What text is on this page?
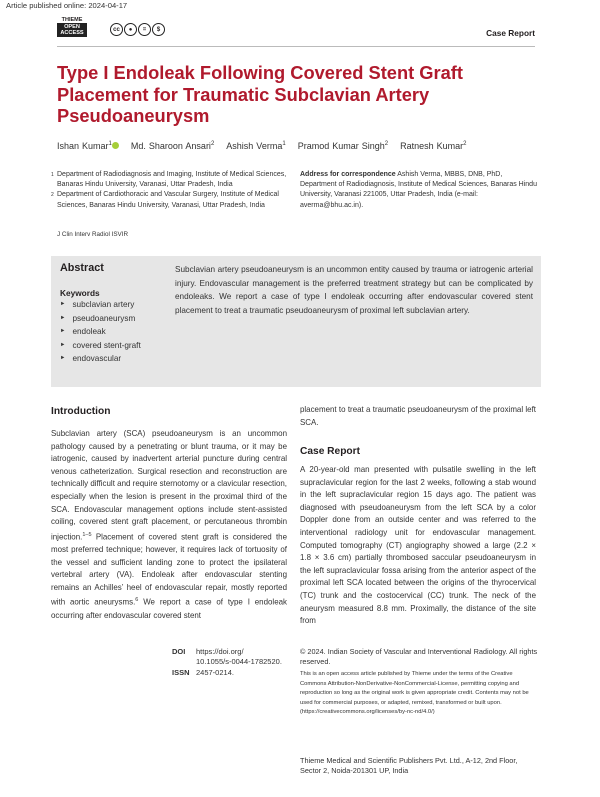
Article published online: 2024-04-17
THIEME
OPEN
ACCESS
cc	●	=	$	Case Report
Type I Endoleak Following Covered Stent Graft Placement for Traumatic Subclavian Artery Pseudoaneurysm
Ishan Kumar$^1$ Md. Sharoon Ansari$^2$ Ashish Verma$^1$ Pramod Kumar Singh$^2$ Ratnesh Kumar$^2$
1 Department of Radiodiagnosis and Imaging, Institute of Medical Sciences, Banaras Hindu University, Varanasi, Uttar Pradesh, India
2 Department of Cardiothoracic and Vascular Surgery, Institute of Medical Sciences, Banaras Hindu University, Varanasi, Uttar Pradesh, India
Address for correspondence Ashish Verma, MBBS, DNB, PhD, Department of Radiodiagnosis, Institute of Medical Sciences, Banaras Hindu University, Varanasi 221005, Uttar Pradesh, India (e-mail: averma@bhu.ac.in).
J Clin Interv Radiol ISVIR
Abstract	Subclavian artery pseudoaneurysm is an uncommon entity caused by trauma or iatrogenic arterial injury. Endovascular management is the preferred treatment strategy but can be complicated by endoleaks. We report a case of type I endoleak occurring after endovascular covered stent placement to treat a traumatic pseudoaneurysm of proximal left subclavian artery.
Keywords
► subclavian artery
► pseudoaneurysm
► endoleak
► covered stent-graft
► endovascular
Introduction

Subclavian artery (SCA) pseudoaneurysm is an uncommon pathology caused by a penetrating or blunt trauma, or it may be iatrogenic, caused by inadvertent arterial puncture during central venous catheterization. Surgical resection and reconstruction are technically difficult and require sternotomy or a clavicular resection, especially when the lesion is present in the proximal third of the SCA. Endovascular management options include stent-assisted coiling, covered stent graft placement, or percutaneous thrombin injection.$^{1-5}$ Placement of covered stent graft is considered the most preferred technique; however, it requires lack of tortuosity of the vessel and sufficient landing zone to protect the ipsilateral vertebral artery (VA). Endoleak after endovascular stenting remains an Achilles’ heel of endovascular repair, mostly reported with aortic aneurysms.$^6$ We report a case of type I endoleak occurring after endovascular covered stent

placement to treat a traumatic pseudoaneurysm of the proximal left SCA.

Case Report

A 20-year-old man presented with pulsatile swelling in the left supraclavicular region for the last 2 weeks, following a stab wound in the left supraclavicular region 15 days ago. The patient was diagnosed with pseudoaneurysm from the left SCA by a color Doppler done from an outside center and was referred to the interventional radiology unit for endovascular management. Computed tomography (CT) angiography showed a large (2.2 × 1.8 × 3.6 cm) partially thrombosed saccular pseudoaneurysm in the left supraclavicular fossa arising from the anterior aspect of the proximal left SCA located between the origins of the thyrocervical (TC) trunk and the costocervical (CC) trunk. The neck of the aneurysm measured 8.8 mm. Proximally, the distance of the site from

DOI https://doi.org/
10.1055/s-0044-1782520.
ISSN 2457-0214.
© 2024. Indian Society of Vascular and Interventional Radiology. All rights reserved.
This is an open access article published by Thieme under the terms of the Creative Commons Attribution-NonDerivative-NonCommercial-License, permitting copying and reproduction so long as the original work is given appropriate credit. Contents may not be used for commercial purposes, or adapted, remixed, transformed or built upon. (https://creativecommons.org/licenses/by-nc-nd/4.0/)
Thieme Medical and Scientific Publishers Pvt. Ltd., A-12, 2nd Floor, Sector 2, Noida-201301 UP, India
